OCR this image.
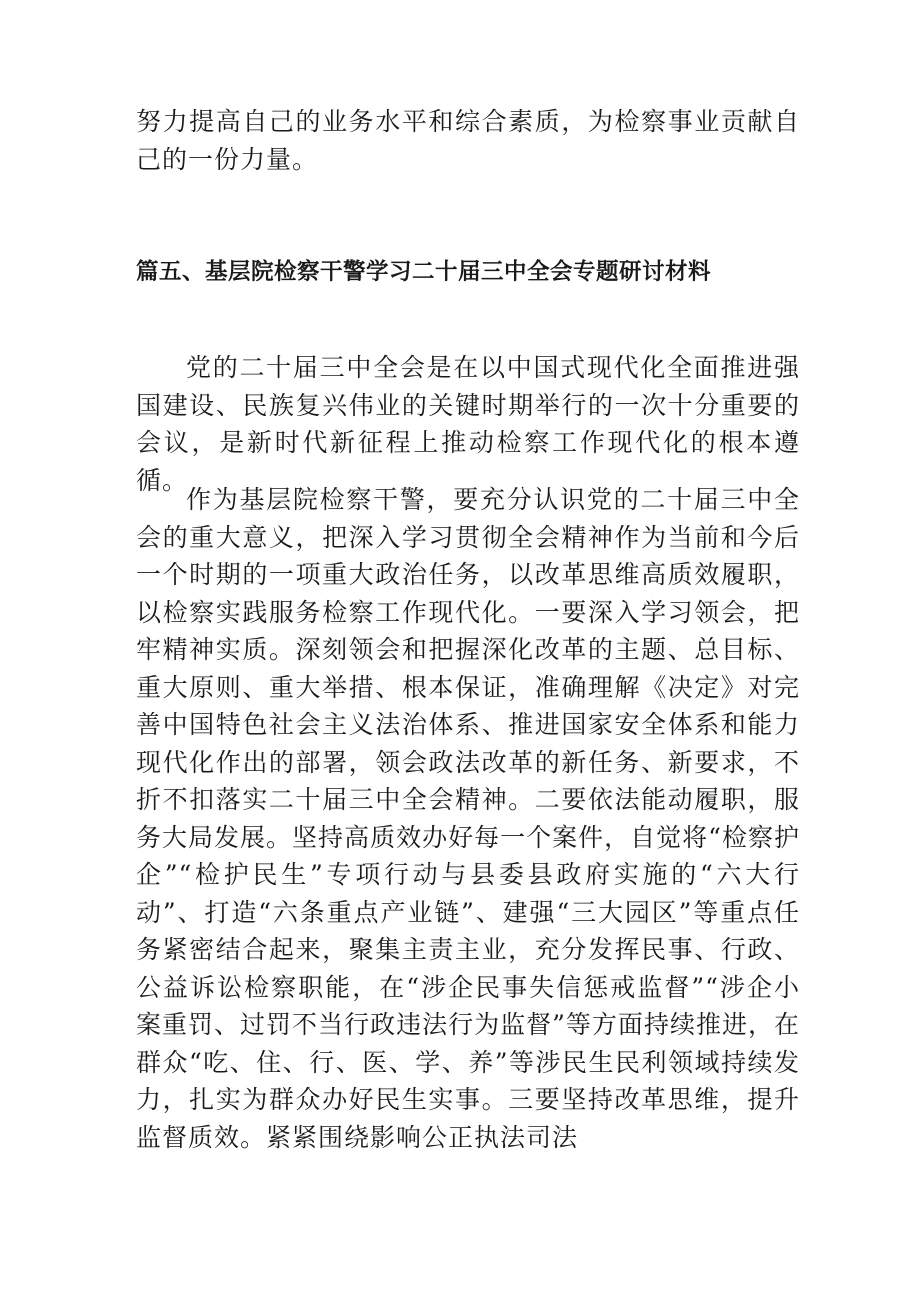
努力提高自己的业务水平和综合素质，为检察事业贡献自己的一份力量。

篇五、基层院检察干警学习二十届三中全会专题研讨材料

党的二十届三中全会是在以中国式现代化全面推进强国建设、民族复兴伟业的关键时期举行的一次十分重要的会议，是新时代新征程上推动检察工作现代化的根本遵循。

作为基层院检察干警，要充分认识党的二十届三中全会的重大意义，把深入学习贯彻全会精神作为当前和今后一个时期的一项重大政治任务，以改革思维高质效履职，以检察实践服务检察工作现代化。一要深入学习领会，把牢精神实质。深刻领会和把握深化改革的主题、总目标、重大原则、重大举措、根本保证，准确理解《决定》对完善中国特色社会主义法治体系、推进国家安全体系和能力现代化作出的部署，领会政法改革的新任务、新要求，不折不扣落实二十届三中全会精神。二要依法能动履职，服务大局发展。坚持高质效办好每一个案件，自觉将“检察护企”“检护民生”专项行动与县委县政府实施的“六大行动”、打造“六条重点产业链”、建强“三大园区”等重点任务紧密结合起来，聚集主责主业，充分发挥民事、行政、公益诉讼检察职能，在“涉企民事失信惩戒监督”“涉企小案重罚、过罚不当行政违法行为监督”等方面持续推进，在群众“吃、住、行、医、学、养”等涉民生民利领域持续发力，扎实为群众办好民生实事。三要坚持改革思维，提升监督质效。紧紧围绕影响公正执法司法
